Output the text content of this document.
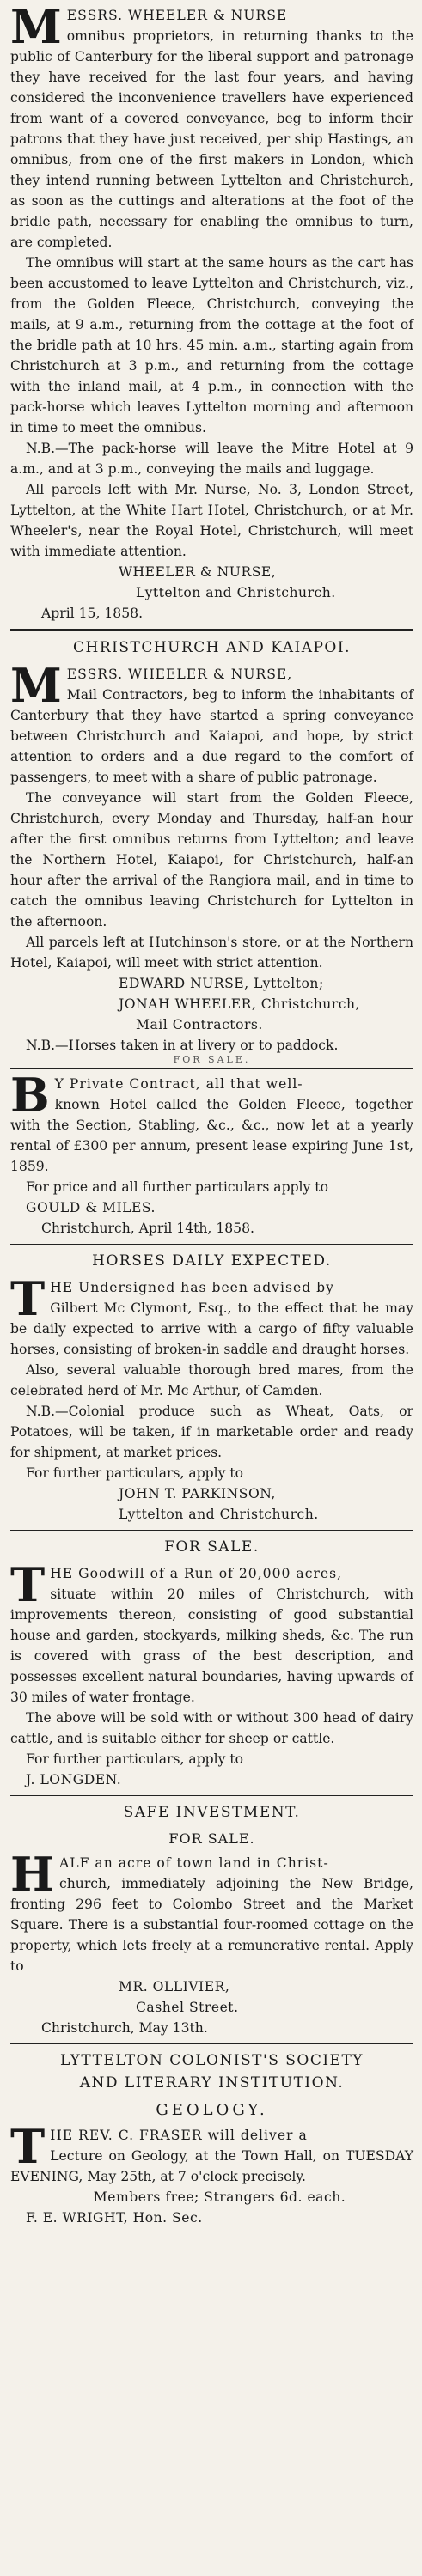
M ESSRS. WHEELER & NURSE

omnibus proprietors, in returning thanks to the public of Canterbury for the liberal support and patronage they have received for the last four years, and having considered the inconvenience travellers have experienced from want of a covered conveyance, beg to inform their patrons that they have just received, per ship Hastings, an omnibus, from one of the first makers in London, which they intend running between Lyttelton and Christchurch, as soon as the cuttings and alterations at the foot of the bridle path, necessary for enabling the omnibus to turn, are completed.

The omnibus will start at the same hours as the cart has been accustomed to leave Lyttelton and Christchurch, viz., from the Golden Fleece, Christchurch, conveying the mails, at 9 a.m., returning from the cottage at the foot of the bridle path at 10 hrs. 45 min. a.m., starting again from Christchurch at 3 p.m., and returning from the cottage with the inland mail, at 4 p.m., in connection with the pack-horse which leaves Lyttelton morning and afternoon in time to meet the omnibus.

N.B.—The pack-horse will leave the Mitre Hotel at 9 a.m., and at 3 p.m., conveying the mails and luggage.

All parcels left with Mr. Nurse, No. 3, London Street, Lyttelton, at the White Hart Hotel, Christchurch, or at Mr. Wheeler's, near the Royal Hotel, Christchurch, will meet with immediate attention.

WHEELER & NURSE,

Lyttelton and Christchurch.

April 15, 1858.

CHRISTCHURCH AND KAIAPOI.
M ESSRS. WHEELER & NURSE,

Mail Contractors, beg to inform the inhabitants of Canterbury that they have started a spring conveyance between Christchurch and Kaiapoi, and hope, by strict attention to orders and a due regard to the comfort of passengers, to meet with a share of public patronage.

The conveyance will start from the Golden Fleece, Christchurch, every Monday and Thursday, half-an hour after the first omnibus returns from Lyttelton; and leave the Northern Hotel, Kaiapoi, for Christchurch, half-an hour after the arrival of the Rangiora mail, and in time to catch the omnibus leaving Christchurch for Lyttelton in the afternoon.

All parcels left at Hutchinson's store, or at the Northern Hotel, Kaiapoi, will meet with strict attention.

EDWARD NURSE, Lyttelton;

JONAH WHEELER, Christchurch,

Mail Contractors.

N.B.—Horses taken in at livery or to paddock.

FOR SALE.
B Y Private Contract, all that well-

known Hotel called the Golden Fleece, together with the Section, Stabling, &c., &c., now let at a yearly rental of £300 per annum, present lease expiring June 1st, 1859.

For price and all further particulars apply to

GOULD & MILES.

Christchurch, April 14th, 1858.

HORSES DAILY EXPECTED.
T HE Undersigned has been advised by

Gilbert Mc Clymont, Esq., to the effect that he may be daily expected to arrive with a cargo of fifty valuable horses, consisting of broken-in saddle and draught horses.

Also, several valuable thorough bred mares, from the celebrated herd of Mr. Mc Arthur, of Camden.

N.B.—Colonial produce such as Wheat, Oats, or Potatoes, will be taken, if in marketable order and ready for shipment, at market prices.

For further particulars, apply to

JOHN T. PARKINSON,

Lyttelton and Christchurch.

FOR SALE.
T HE Goodwill of a Run of 20,000 acres,

situate within 20 miles of Christchurch, with improvements thereon, consisting of good substantial house and garden, stockyards, milking sheds, &c. The run is covered with grass of the best description, and possesses excellent natural boundaries, having upwards of 30 miles of water frontage.

The above will be sold with or without 300 head of dairy cattle, and is suitable either for sheep or cattle.

For further particulars, apply to

J. LONGDEN.

SAFE INVESTMENT.
FOR SALE.
H ALF an acre of town land in Christ-

church, immediately adjoining the New Bridge, fronting 296 feet to Colombo Street and the Market Square. There is a substantial four-roomed cottage on the property, which lets freely at a remunerative rental. Apply to

MR. OLLIVIER,

Cashel Street.

Christchurch, May 13th.

LYTTELTON COLONIST'S SOCIETY
AND LITERARY INSTITUTION.
GEOLOGY.
T HE REV. C. FRASER will deliver a

Lecture on Geology, at the Town Hall, on TUESDAY EVENING, May 25th, at 7 o'clock precisely.

Members free; Strangers 6d. each.

F. E. WRIGHT, Hon. Sec.
